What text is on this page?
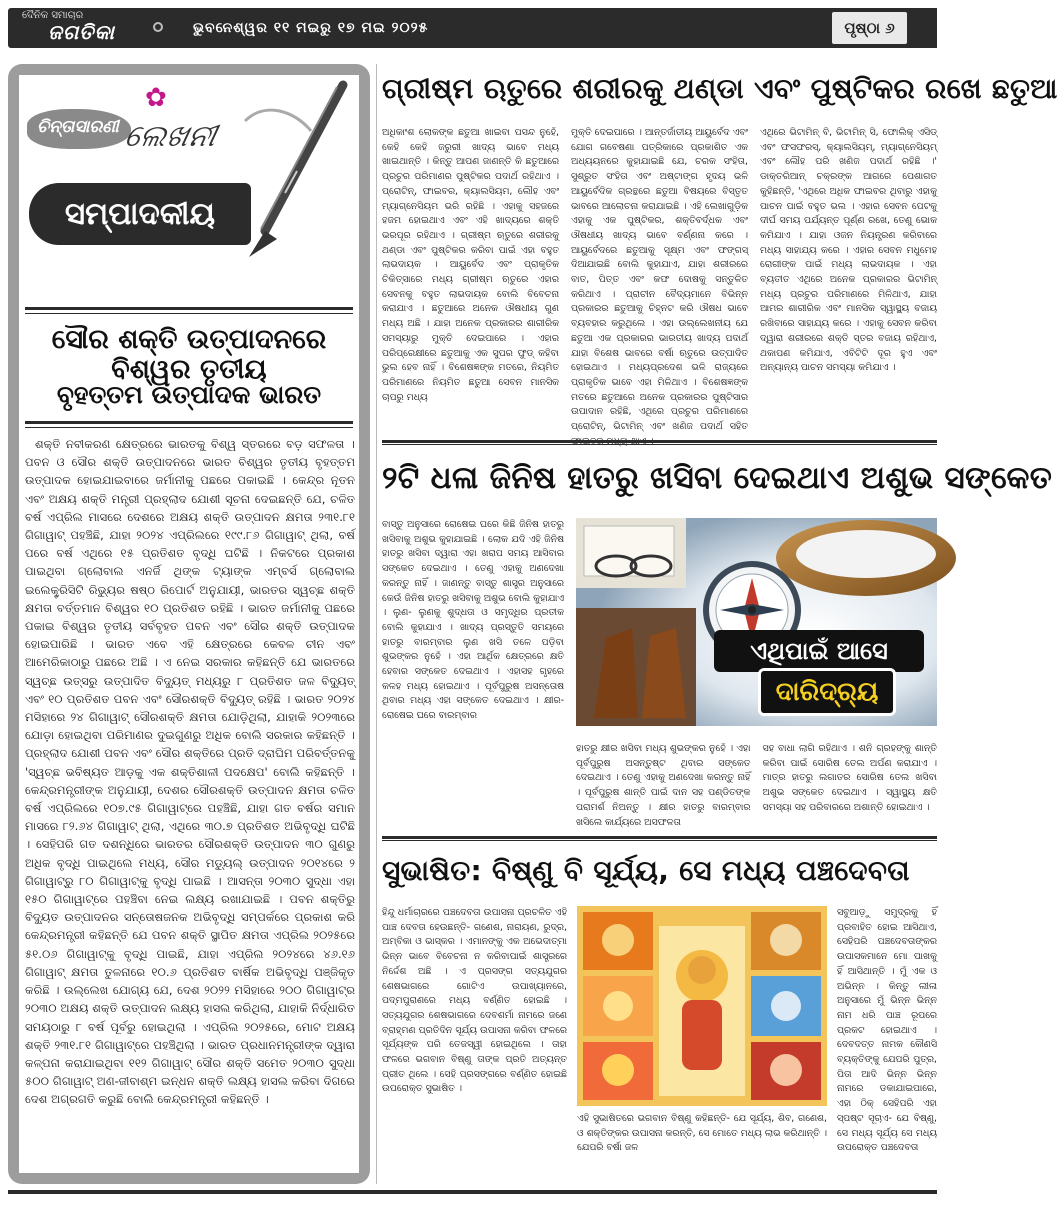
ଦୈନିକ ସମାଚାର
ଜଗତିକା	ଭୁବନେଶ୍ୱର ୧୧ ମଇରୁ ୧୭ ମଇ ୨୦୨୫	ପୃଷ୍ଠା ୬
ଚିନ୍ତାସାରଣୀ
✿
ଲେଖନୀ
ସମ୍ପାଦକୀୟ
ସୌର ଶକ୍ତି ଉତ୍ପାଦନରେ ବିଶ୍ୱର ତୃତୀୟ
ବୃହତ୍ତମ ଉତ୍ପାଦକ ଭାରତ

ଶକ୍ତି ନବୀକରଣ କ୍ଷେତ୍ରରେ ଭାରତକୁ ବିଶ୍ୱ ସ୍ତରରେ ବଡ଼ ସଫଳତା । ପବନ ଓ ସୌର ଶକ୍ତି ଉତ୍ପାଦନରେ ଭାରତ ବିଶ୍ୱର ତୃତୀୟ ବୃହତ୍ତମ ଉତ୍ପାଦକ ହୋଇଯାଇବାରେ ଜର୍ମାନୀକୁ ପଛରେ ପକାଇଛି । କେନ୍ଦ୍ର ନୂତନ ଏବଂ ଅକ୍ଷୟ ଶକ୍ତି ମନ୍ତ୍ରୀ ପ୍ରହ୍ଲାଦ ଯୋଶୀ ସୂଚନା ଦେଇଛନ୍ତି ଯେ, ଚଳିତ ବର୍ଷ ଏପ୍ରିଲ ମାସରେ ଦେଶରେ ଅକ୍ଷୟ ଶକ୍ତି ଉତ୍ପାଦନ କ୍ଷମତା ୨୩୧.୮୧ ଗିଗାୱାଟ୍ ପହଞ୍ଚିଛି, ଯାହା ୨୦୨୪ ଏପ୍ରିଲରେ ୧୯୯.୮୬ ଗିଗାୱାଟ୍ ଥିଲା, ବର୍ଷ ପରେ ବର୍ଷ ଏଥିରେ ୧୫ ପ୍ରତିଶତ ବୃଦ୍ଧି ଘଟିଛି । ନିକଟରେ ପ୍ରକାଶ ପାଇଥିବା ଗ୍ଲୋବାଲ ଏନର୍ଜି ଥିଙ୍କ ଟ୍ୟାଙ୍କ ଏମ୍ବର୍ସ ଗ୍ଲୋବାଲ ଇଲେକ୍ଟ୍ରିସିଟି ରିଭ୍ୟୁର ଷଷ୍ଠ ରିପୋର୍ଟ ଅନୁଯାୟୀ, ଭାରତର ସ୍ୱଚ୍ଛ ଶକ୍ତି କ୍ଷମତା ବର୍ତ୍ତମାନ ବିଶ୍ୱର ୧୦ ପ୍ରତିଶତ ରହିଛି । ଭାରତ ଜର୍ମାନୀକୁ ପଛରେ ପକାଇ ବିଶ୍ୱର ତୃତୀୟ ସର୍ବବୃହତ ପବନ ଏବଂ ସୌର ଶକ୍ତି ଉତ୍ପାଦକ ହୋଇପାରିଛି । ଭାରତ ଏବେ ଏହି କ୍ଷେତ୍ରରେ କେବଳ ଚୀନ ଏବଂ ଆମେରିକାଠାରୁ ପଛରେ ଅଛି । ଏ ନେଇ ସରକାର କହିଛନ୍ତି ଯେ ଭାରତରେ ସ୍ୱଚ୍ଛ ଉତ୍ସରୁ ଉତ୍ପାଦିତ ବିଦ୍ୟୁତ୍ ମଧ୍ୟରୁ ୮ ପ୍ରତିଶତ ଜଳ ବିଦ୍ୟୁତ୍ ଏବଂ ୧୦ ପ୍ରତିଶତ ପବନ ଏବଂ ସୌରଶକ୍ତି ବିଦ୍ୟୁତ୍ ରହିଛି । ଭାରତ ୨୦୨୪ ମସିହାରେ ୨୪ ଗିଗାୱାଟ୍ ସୌରଶକ୍ତି କ୍ଷମତା ଯୋଡ଼ିଥିଲା, ଯାହାକି ୨୦୨୩ରେ ଯୋଡ଼ା ହୋଇଥିବା ପରିମାଣର ଦୁଇଗୁଣରୁ ଅଧିକ ବୋଲି ସରକାର କହିଛନ୍ତି । ପ୍ରହ୍ଲାଦ ଯୋଶୀ ପବନ ଏବଂ ସୌର ଶକ୍ତିରେ ପ୍ରତି ଦ୍ରାଘିମ ପରିବର୍ତ୍ତନକୁ 'ସ୍ୱଚ୍ଛ ଭବିଷ୍ୟତ ଆଡ଼କୁ ଏକ ଶକ୍ତିଶାଳୀ ପଦକ୍ଷେପ' ବୋଲି କହିଛନ୍ତି । କେନ୍ଦ୍ରମନ୍ତ୍ରୀଙ୍କ ଅନୁଯାୟୀ, ଦେଶର ସୌରଶକ୍ତି ଉତ୍ପାଦନ କ୍ଷମତା ଚଳିତ ବର୍ଷ ଏପ୍ରିଲରେ ୧୦୭.୯୫ ଗିଗାୱାଟ୍‌ରେ ପହଞ୍ଚିଛି, ଯାହା ଗତ ବର୍ଷର ସମାନ ମାସରେ ୮୨.୬୪ ଗିଗାୱାଟ୍ ଥିଲା, ଏଥିରେ ୩୦.୭ ପ୍ରତିଶତ ଅଭିବୃଦ୍ଧି ଘଟିଛି । ସେହିପରି ଗତ ଦଶନ୍ଧିରେ ଭାରତର ସୌରଶକ୍ତି ଉତ୍ପାଦନ ୩୦ ଗୁଣରୁ ଅଧିକ ବୃଦ୍ଧି ପାଇଥିଲେ ମଧ୍ୟ, ସୌର ମଡ୍ୟୁଲ୍ ଉତ୍ପାଦନ ୨୦୧୪ରେ ୨ ଗିଗାୱାଟ୍‌ରୁ ୮୦ ଗିଗାୱାଟ୍‌କୁ ବୃଦ୍ଧି ପାଇଛି । ଆସନ୍ତା ୨୦୩୦ ସୁଦ୍ଧା ଏହା ୧୫୦ ଗିଗାୱାଟ୍‌ରେ ପହଞ୍ଚିବା ନେଇ ଲକ୍ଷ୍ୟ ରଖାଯାଇଛି । ପବନ ଶକ୍ତିରୁ ବିଦ୍ୟୁତ ଉତ୍ପାଦନର ସନ୍ତୋଷଜନକ ଅଭିବୃଦ୍ଧି ସମ୍ପର୍କରେ ପ୍ରକାଶ କରି କେନ୍ଦ୍ରମନ୍ତ୍ରୀ କହିଛନ୍ତି ଯେ ପବନ ଶକ୍ତି ସ୍ଥାପିତ କ୍ଷମତା ଏପ୍ରିଲ ୨୦୨୫ରେ ୫୧.୦୬ ଗିଗାୱାଟ୍‌କୁ ବୃଦ୍ଧି ପାଇଛି, ଯାହା ଏପ୍ରିଲ ୨୦୨୪ରେ ୪୬.୧୬ ଗିଗାୱାଟ୍ କ୍ଷମତା ତୁଳନାରେ ୧୦.୬ ପ୍ରତିଶତ ବାର୍ଷିକ ଅଭିବୃଦ୍ଧି ପଞ୍ଜିକୃତ କରିଛି । ଉଲ୍ଲେଖ ଯୋଗ୍ୟ ଯେ, ଦେଶ ୨୦୨୨ ମସିହାରେ ୨୦୦ ଗିଗାୱାଟ୍‌ର ୨୦୩୦ ଅକ୍ଷୟ ଶକ୍ତି ଉତ୍ପାଦନ ଲକ୍ଷ୍ୟ ହାସଲ କରିଥିଲା, ଯାହାକି ନିର୍ଦ୍ଧାରିତ ସମୟଠାରୁ ୮ ବର୍ଷ ପୂର୍ବରୁ ହୋଇଥିଲା । ଏପ୍ରିଲ ୨୦୨୫ରେ, ମୋଟ ଅକ୍ଷୟ ଶକ୍ତି ୨୩୧.୮୧ ଗିଗାୱାଟ୍‌ରେ ପହଞ୍ଚିଥିଲା । ଭାରତ ପ୍ରଧାନମନ୍ତ୍ରୀଙ୍କ ଦ୍ୱାରା କଳ୍ପନା କରାଯାଇଥିବା ୧୧୨ ଗିଗାୱାଟ୍ ସୌର ଶକ୍ତି ସମେତ ୨୦୩୦ ସୁଦ୍ଧା ୫୦୦ ଗିଗାୱାଟ୍ ଅଣ-ଜୀବାଶ୍ମ ଇନ୍ଧନ ଶକ୍ତି ଲକ୍ଷ୍ୟ ହାସଲ କରିବା ଦିଗରେ ଦେଶ ଅଗ୍ରଗତି କରୁଛି ବୋଲି କେନ୍ଦ୍ରମନ୍ତ୍ରୀ କହିଛନ୍ତି ।

ଗ୍ରୀଷ୍ମ ଋତୁରେ ଶରୀରକୁ ଥଣ୍ଡା ଏବଂ ପୁଷ୍ଟିକର ରଖେ ଛତୁଆ
ଅଧିକାଂଶ ଲୋକଙ୍କ ଛତୁଆ ଖାଇବା ପସନ୍ଦ ନୁହେଁ, କେହି କେହି ଜରୁରୀ ଖାଦ୍ୟ ଭାବେ ମଧ୍ୟ ଖାଇଥାନ୍ତି । କିନ୍ତୁ ଆପଣ ଜାଣନ୍ତି କି ଛତୁଆରେ ପ୍ରଚୁର ପରିମାଣର ପୁଷ୍ଟିକର ପଦାର୍ଥ ରହିଥାଏ । ପ୍ରୋଟିନ୍, ଫାଇବର, କ୍ୟାଲସିୟମ, ଲୌହ ଏବଂ ମ୍ୟାଗ୍ନେସିୟମ ଭରି ରହିଛି । ଏହାକୁ ସହଜରେ ହଜମ ହୋଇଥାଏ ଏବଂ ଏହି ଖାଦ୍ୟରେ ଶକ୍ତି ଭରପୂର ରହିଥାଏ । ଗ୍ରୀଷ୍ମ ଋତୁରେ ଶରୀରକୁ ଥଣ୍ଡା ଏବଂ ପୁଷ୍ଟିକର କରିବା ପାଇଁ ଏହା ବହୁତ ଲାଭଦାୟକ । ଆୟୁର୍ବେଦ ଏବଂ ପ୍ରାକୃତିକ ଚିକିତ୍ସାରେ ମଧ୍ୟ ଗ୍ରୀଷ୍ମ ଋତୁରେ ଏହାର ସେବନକୁ ବହୁତ ଲାଭଦାୟକ ବୋଲି ବିବେଚନା କରାଯାଏ । ଛତୁଆରେ ଅନେକ ଔଷଧୀୟ ଗୁଣ ମଧ୍ୟ ଅଛି । ଯାହା ଅନେକ ପ୍ରକାରର ଶାରୀରିକ ସମସ୍ୟାରୁ ମୁକ୍ତି ଦେଇପାରେ । ଏହାର ପରିପ୍ରେକ୍ଷୀରେ ଛତୁଆକୁ ଏକ ସୁପର ଫୁଡ୍ କହିବା ଭୁଲ ହେବ ନାହିଁ । ବିଶେଷଜ୍ଞଙ୍କ ମତରେ, ନିୟମିତ ପରିମାଣରେ ନିୟମିତ ଛତୁଆ ସେବନ ମାନସିକ ଚାପରୁ ମଧ୍ୟ
ମୁକ୍ତି ଦେଇପାରେ । ଆନ୍ତର୍ଜାତୀୟ ଆୟୁର୍ବେଦ ଏବଂ ଯୋଗ ଗବେଷଣା ପତ୍ରିକାରେ ପ୍ରକାଶିତ ଏକ ଅଧ୍ୟୟନରେ କୁହାଯାଇଛି ଯେ, ଚରକ ସଂହିତା, ସୁଶ୍ରୁତ ସଂହିତା ଏବଂ ଅଷ୍ଟାଙ୍ଗ ହୃଦୟ ଭଳି ଆୟୁର୍ବେଦିକ ଗ୍ରନ୍ଥରେ ଛତୁଆ ବିଷୟରେ ବିସ୍ତୃତ ଭାବରେ ଆଲୋଚନା କରାଯାଇଛି । ଏହି ଲେଖାଗୁଡ଼ିକ ଏହାକୁ ଏକ ପୁଷ୍ଟିକର, ଶକ୍ତିବର୍ଦ୍ଧକ ଏବଂ ଔଷଧୀୟ ଖାଦ୍ୟ ଭାବେ ବର୍ଣ୍ଣନା କରେ । ଆୟୁର୍ବେଦରେ ଛତୁଆକୁ ସୂକ୍ଷ୍ମ ଏବଂ ଫଙ୍ଗସ୍ ଦିଆଯାଇଛି ବୋଲି କୁହାଯାଏ, ଯାହା ଶରୀରରେ ବାତ, ପିତ୍ତ ଏବଂ କଫ ଦୋଷକୁ ସନ୍ତୁଳିତ କରିଥାଏ । ପ୍ରାଚୀନ ବୈଦ୍ୟମାନେ ବିଭିନ୍ନ ପ୍ରକାରର ଛତୁଆକୁ ଚିହ୍ନଟ କରି ଔଷଧ ଭାବେ ବ୍ୟବହାର କରୁଥିଲେ । ଏହା ଉଲ୍ଲେଖନୀୟ ଯେ ଛତୁଆ ଏକ ପ୍ରକାରର ଭାରତୀୟ ଖାଦ୍ୟ ପଦାର୍ଥ ଯାହା ବିଶେଷ ଭାବରେ ବର୍ଷା ଋତୁରେ ଉତ୍ପାଦିତ ହୋଇଥାଏ । ମଧ୍ୟପ୍ରଦେଶ ଭଳି ରାଜ୍ୟରେ ପ୍ରାକୃତିକ ଭାବେ ଏହା ମିଳିଥାଏ । ବିଶେଷଜ୍ଞଙ୍କ ମତରେ ଛତୁଆରେ ଅନେକ ପ୍ରକାରର ପୁଷ୍ଟିସାର ଉପାଦାନ ରହିଛି, ଏଥିରେ ପ୍ରଚୁର ପରିମାଣରେ ପ୍ରୋଟିନ୍, ଭିଟାମିନ୍ ଏବଂ ଖଣିଜ ପଦାର୍ଥ ସହିତ ଫାଇବର ମଧ୍ୟ ଥାଏ ।
ଏଥିରେ ଭିଟାମିନ୍ ବି, ଭିଟାମିନ୍ ସି, ଫୋଲିକ୍ ଏସିଡ୍ ଏବଂ ଫସଫରସ୍, କ୍ୟାଲସିୟମ୍, ମ୍ୟାଗ୍ନେସିୟମ୍ ଏବଂ ଲୌହ ପରି ଖଣିଜ ପଦାର୍ଥ ରହିଛି ।' ଡାକ୍ତରିଆନ୍ ଚକ୍ରଙ୍କ ଆଗରେ ପେଶାଗତ କୁହିଛନ୍ତି, 'ଏଥିରେ ଅଧିକ ଫାଇବର ଥିବାରୁ ଏହାକୁ ପାଚନ ପାଇଁ ବହୁତ ଭଲ । ଏହାର ସେବନ ପେଟକୁ ଦୀର୍ଘ ସମୟ ପର୍ଯ୍ୟନ୍ତ ପୂର୍ଣ୍ଣ ରଖେ, ତେଣୁ ଭୋକ କମିଯାଏ । ଯାହା ଓଜନ ନିୟନ୍ତ୍ରଣ କରିବାରେ ମଧ୍ୟ ସାହାଯ୍ୟ କରେ । ଏହାର ସେବନ ମଧୁମେହ ରୋଗୀଙ୍କ ପାଇଁ ମଧ୍ୟ ଲାଭଦାୟକ । ଏହା ବ୍ୟତୀତ ଏଥିରେ ଅନେକ ପ୍ରକାରର ଭିଟାମିନ୍ ମଧ୍ୟ ପ୍ରଚୁର ପରିମାଣରେ ମିଳିଥାଏ, ଯାହା ଆମର ଶାରୀରିକ ଏବଂ ମାନସିକ ସ୍ୱାସ୍ଥ୍ୟ ବଜାୟ ରଖିବାରେ ସାହାଯ୍ୟ କରେ । ଏହାକୁ ସେବନ କରିବା ଦ୍ୱାରା ଶରୀରରେ ଶକ୍ତି ସ୍ତର ବଜାୟ ରହିଥାଏ, ଥକାପଣ କମିଯାଏ, ଏବିଟିଟି ଦୂର ହୁଏ ଏବଂ ଅନ୍ୟାନ୍ୟ ପାଚନ ସମସ୍ୟା କମିଯାଏ ।
୨ଟି ଧଳା ଜିନିଷ ହାତରୁ ଖସିବା ଦେଇଥାଏ ଅଶୁଭ ସଙ୍କେତ
ବାସ୍ତୁ ଅନୁସାରେ ରୋଷେଇ ଘରେ କିଛି ଜିନିଷ ହାତରୁ ଖସିବାକୁ ଅଶୁଭ କୁହାଯାଇଛି । ଲୋକ ଯଦି ଏହି ଜିନିଷ ହାତରୁ ଖସିବା ଦ୍ୱାରା ଏହା ଖରାପ ସମୟ ଆସିବାର ସଙ୍କେତ ଦେଇଥାଏ । ତେଣୁ ଏହାକୁ ଅଣଦେଖା କରନ୍ତୁ ନାହିଁ । ଜାଣନ୍ତୁ ବାସ୍ତୁ ଶାସ୍ତ୍ର ଅନୁସାରେ କେଉଁ ଜିନିଷ ହାତରୁ ଖସିବାକୁ ଅଶୁଭ ବୋଲି କୁହାଯାଏ । ଲୁଣ- ଲୁଣକୁ ଶୁଦ୍ଧତା ଓ ସମୃଦ୍ଧିର ପ୍ରତୀକ ବୋଲି କୁହାଯାଏ । ଖାଦ୍ୟ ପ୍ରସ୍ତୁତି ସମୟରେ ହାତରୁ ବାରମ୍ବାର ଲୁଣ ଖସି ତଳେ ପଡ଼ିବା ଶୁଭଙ୍କର ନୁହେଁ । ଏହା ଆର୍ଥିକ କ୍ଷେତ୍ରରେ କ୍ଷତି ହେବାର ସଙ୍କେତ ଦେଇଥାଏ । ଏହାସହ ଗୃହରେ କଳହ ମଧ୍ୟ ହୋଇଥାଏ । ପୂର୍ବପୁରୁଷ ଅସନ୍ତୋଷ ଥିବାର ମଧ୍ୟ ଏହା ସଙ୍କେତ ଦେଇଥାଏ । କ୍ଷୀର- ରୋଷେଇ ଘରେ ବାରମ୍ବାର
ଏଥିପାଇଁ ଆସେ
ଦାରିଦ୍ର୍ୟ
ହାତରୁ କ୍ଷୀର ଖସିବା ମଧ୍ୟ ଶୁଭଙ୍କର ନୁହେଁ । ଏହା ପୂର୍ବପୁରୁଷ ଅସନ୍ତୁଷ୍ଟ ଥିବାର ସଙ୍କେତ ଦେଇଥାଏ । ତେଣୁ ଏହାକୁ ଅଣଦେଖା କରନ୍ତୁ ନାହିଁ । ପୂର୍ବପୁରୁଷ ଶାନ୍ତି ପାଇଁ ଦାନ ସହ ପଣ୍ଡିତଙ୍କ ପରାମର୍ଶ ନିଅନ୍ତୁ । କ୍ଷୀର ହାତରୁ ବାରମ୍ବାର ଖସିଲେ କାର୍ଯ୍ୟରେ ଅସଫଳତା
ସହ ବାଧା ଲାଗି ରହିଥାଏ । ଶନି ଗ୍ରହଙ୍କୁ ଶାନ୍ତି କରିବା ପାଇଁ ସୋରିଷ ତେଲ ଅର୍ପଣ କରାଯାଏ । ମାତ୍ର ହାତରୁ ଲଗାତର ସୋରିଷ ତେଲ ଖସିବା ଅଶୁଭ ସଙ୍କେତ ଦେଇଥାଏ । ସ୍ୱାସ୍ଥ୍ୟ କ୍ଷତି ସମସ୍ୟା ସହ ପରିବାରରେ ଅଶାନ୍ତି ହୋଇଥାଏ ।
ସୁଭାଷିତ: ବିଷ୍ଣୁ ବି ସୂର୍ଯ୍ୟ, ସେ ମଧ୍ୟ ପଞ୍ଚଦେବତା
ହିନ୍ଦୁ ଧର୍ମାଚାରରେ ପଞ୍ଚଦେବତା ଉପାସନା ପ୍ରଚଳିତ ଏହି ପାଞ୍ଚ ଦେବତା ହେଉଛନ୍ତି- ଗଣେଶ, ନାରାୟଣ, ରୁଦ୍ର, ଅମ୍ବିକା ଓ ଭାସ୍କର । ଏମାନଙ୍କୁ ଏକ ଅଭେଦାତ୍ମା ଭିନ୍ନ ଭାବେ ବିବେଚନା ନ କରିବାପାଇଁ ଶାସ୍ତ୍ରରେ ନିର୍ଦ୍ଦେଶ ଅଛି । ଏ ପ୍ରସଙ୍ଗ ସତ୍ୟଯୁଗର ଶେଷଭାଗରେ ଗୋଟିଏ ଉପାଖ୍ୟାନରେ, ପଦ୍ମପୁରାଣରେ ମଧ୍ୟ ବର୍ଣ୍ଣିତ ହୋଇଛି । ସତ୍ୟଯୁଗର ଶେଷଭାଗରେ ଦେବଶର୍ମା ନାମରେ ଜଣେ ବ୍ରାହ୍ମଣ ପ୍ରତିଦିନ ସୂର୍ଯ୍ୟ ଉପାସନା କରିବା ଫଳରେ ସୂର୍ଯ୍ୟଙ୍କ ପରି ତେଜସ୍ୱୀ ହୋଇଥିଲେ । ତାହା ଫଳରେ ଭଗବାନ ବିଷ୍ଣୁ ତାଙ୍କ ପ୍ରତି ଅତ୍ୟନ୍ତ ପ୍ରୀତ ଥିଲେ । ସେହି ପ୍ରସଙ୍ଗରେ ବର୍ଣ୍ଣିତ ହୋଇଛି ଉପରୋକ୍ତ ସୁଭାଷିତ ।
ଏହି ସୁଭାଷିତରେ ଭଗବାନ ବିଷ୍ଣୁ କହିଛନ୍ତି- ଯେ ସୂର୍ଯ୍ୟ, ଶିବ, ଗଣେଶ, ଓ ଶକ୍ତିଙ୍କର ଉପାସନା କରନ୍ତି, ସେ ମୋତେ ମଧ୍ୟ ଲାଭ କରିଥାନ୍ତି । ଯେପରି ବର୍ଷା ଜଳ
ସବୁଆଡ଼ୁ ସମୁଦ୍ରକୁ ହିଁ ପ୍ରବାହିତ ହୋଇ ଆସିଥାଏ, ସେହିପରି ପଞ୍ଚଦେବତାଙ୍କର ଉପାସକମାନେ ମୋ ପାଖକୁ ହିଁ ଆସିଥାନ୍ତି । ମୁଁ ଏକ ଓ ଅଭିନ୍ନ । କିନ୍ତୁ ଲୀଳା ଅନୁସାରେ ମୁଁ ଭିନ୍ନ ଭିନ୍ନ ନାମ ଧରି ପାଞ୍ଚ ରୂପରେ ପ୍ରକଟ ହୋଇଥାଏ । ଦେବଦତ୍ତ ନାମକ କୌଣସି ବ୍ୟକ୍ତିଙ୍କୁ ଯେପରି ପୁତ୍ର, ପିତା ଆଦି ଭିନ୍ନ ଭିନ୍ନ ନାମରେ ଡକାଯାଇପାରେ, ଏହା ଠିକ୍ ସେହିପରି ଏହା ସ୍ପଷ୍ଟ ସୂଚାଏ- ଯେ ବିଷ୍ଣୁ, ସେ ମଧ୍ୟ ସୂର୍ଯ୍ୟ ସେ ମଧ୍ୟ ଉପରୋକ୍ତ ପଞ୍ଚଦେବତା
